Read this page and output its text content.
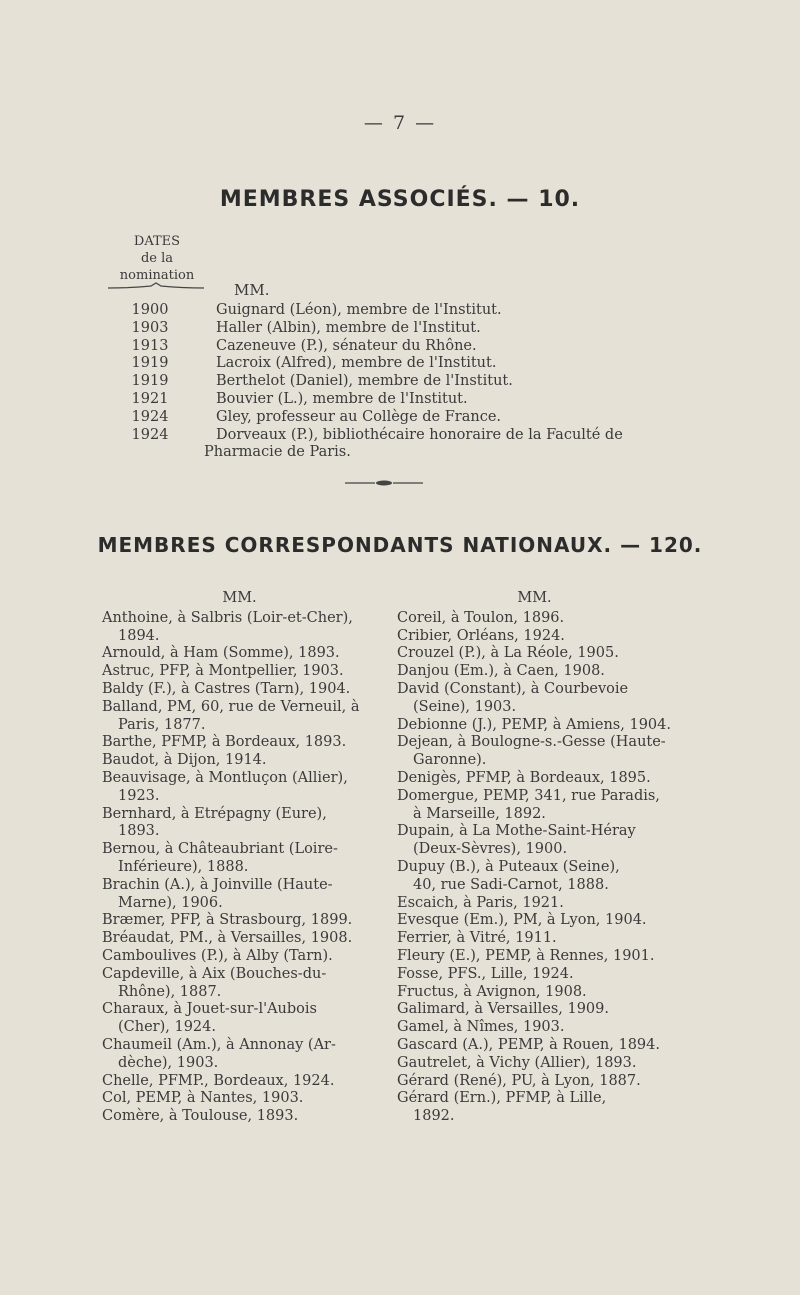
— 7 —
MEMBRES ASSOCIÉS. — 10.
DATES
de la
nomination
MM.
1900	Guignard (Léon), membre de l'Institut.
1903	Haller (Albin), membre de l'Institut.
1913	Cazeneuve (P.), sénateur du Rhône.
1919	Lacroix (Alfred), membre de l'Institut.
1919	Berthelot (Daniel), membre de l'Institut.
1921	Bouvier (L.), membre de l'Institut.
1924	Gley, professeur au Collège de France.
1924	Dorveaux (P.), bibliothécaire honoraire de la Faculté de
Pharmacie de Paris.
MEMBRES CORRESPONDANTS NATIONAUX. — 120.
MM.
Anthoine, à Salbris (Loir-et-Cher),
1894.
Arnould, à Ham (Somme), 1893.
Astruc, PFP, à Montpellier, 1903.
Baldy (F.), à Castres (Tarn), 1904.
Balland, PM, 60, rue de Verneuil, à
Paris, 1877.
Barthe, PFMP, à Bordeaux, 1893.
Baudot, à Dijon, 1914.
Beauvisage, à Montluçon (Allier),
1923.
Bernhard, à Etrépagny (Eure),
1893.
Bernou, à Châteaubriant (Loire-
Inférieure), 1888.
Brachin (A.), à Joinville (Haute-
Marne), 1906.
Bræmer, PFP, à Strasbourg, 1899.
Bréaudat, PM., à Versailles, 1908.
Camboulives (P.), à Alby (Tarn).
Capdeville, à Aix (Bouches-du-
Rhône), 1887.
Charaux, à Jouet-sur-l'Aubois
(Cher), 1924.
Chaumeil (Am.), à Annonay (Ar-
dèche), 1903.
Chelle, PFMP., Bordeaux, 1924.
Col, PEMP, à Nantes, 1903.
Comère, à Toulouse, 1893.
MM.
Coreil, à Toulon, 1896.
Cribier, Orléans, 1924.
Crouzel (P.), à La Réole, 1905.
Danjou (Em.), à Caen, 1908.
David (Constant), à Courbevoie
(Seine), 1903.
Debionne (J.), PEMP, à Amiens, 1904.
Dejean, à Boulogne-s.-Gesse (Haute-
Garonne).
Denigès, PFMP, à Bordeaux, 1895.
Domergue, PEMP, 341, rue Paradis,
à Marseille, 1892.
Dupain, à La Mothe-Saint-Héray
(Deux-Sèvres), 1900.
Dupuy (B.), à Puteaux (Seine),
40, rue Sadi-Carnot, 1888.
Escaich, à Paris, 1921.
Evesque (Em.), PM, à Lyon, 1904.
Ferrier, à Vitré, 1911.
Fleury (E.), PEMP, à Rennes, 1901.
Fosse, PFS., Lille, 1924.
Fructus, à Avignon, 1908.
Galimard, à Versailles, 1909.
Gamel, à Nîmes, 1903.
Gascard (A.), PEMP, à Rouen, 1894.
Gautrelet, à Vichy (Allier), 1893.
Gérard (René), PU, à Lyon, 1887.
Gérard (Ern.), PFMP, à Lille,
1892.
